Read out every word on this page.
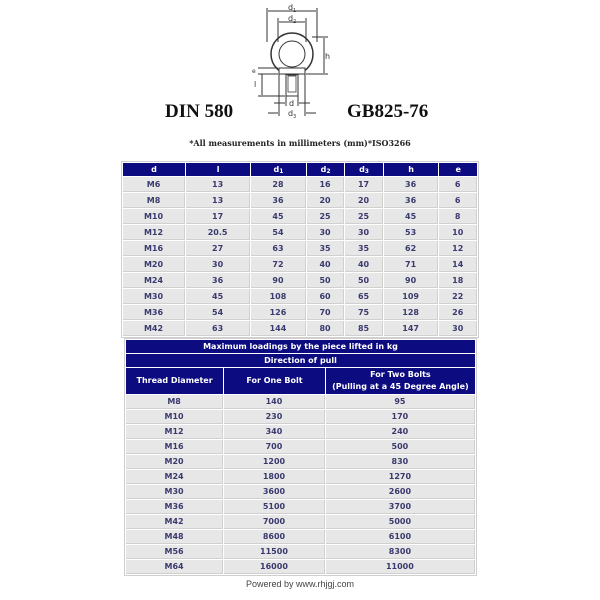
d 1
d 2
h
e
l
d
d 3
DIN 580	GB825-76
*All measurements in millimeters (mm)*ISO3266
d	l	$d_1$	$d_2$	$d_3$	h	e
M6	13	28	16	17	36	6
M8	13	36	20	20	36	6
M10	17	45	25	25	45	8
M12	20.5	54	30	30	53	10
M16	27	63	35	35	62	12
M20	30	72	40	40	71	14
M24	36	90	50	50	90	18
M30	45	108	60	65	109	22
M36	54	126	70	75	128	26
M42	63	144	80	85	147	30
Maximum loadings by the piece lifted in kg		
Direction of pull		
Thread Diameter	For One Bolt	For Two Bolts
(Pulling at a 45 Degree Angle)

M8	140	95
M10	230	170
M12	340	240
M16	700	500
M20	1200	830
M24	1800	1270
M30	3600	2600
M36	5100	3700
M42	7000	5000
M48	8600	6100
M56	11500	8300
M64	16000	11000
Powered by www.rhjgj.com
